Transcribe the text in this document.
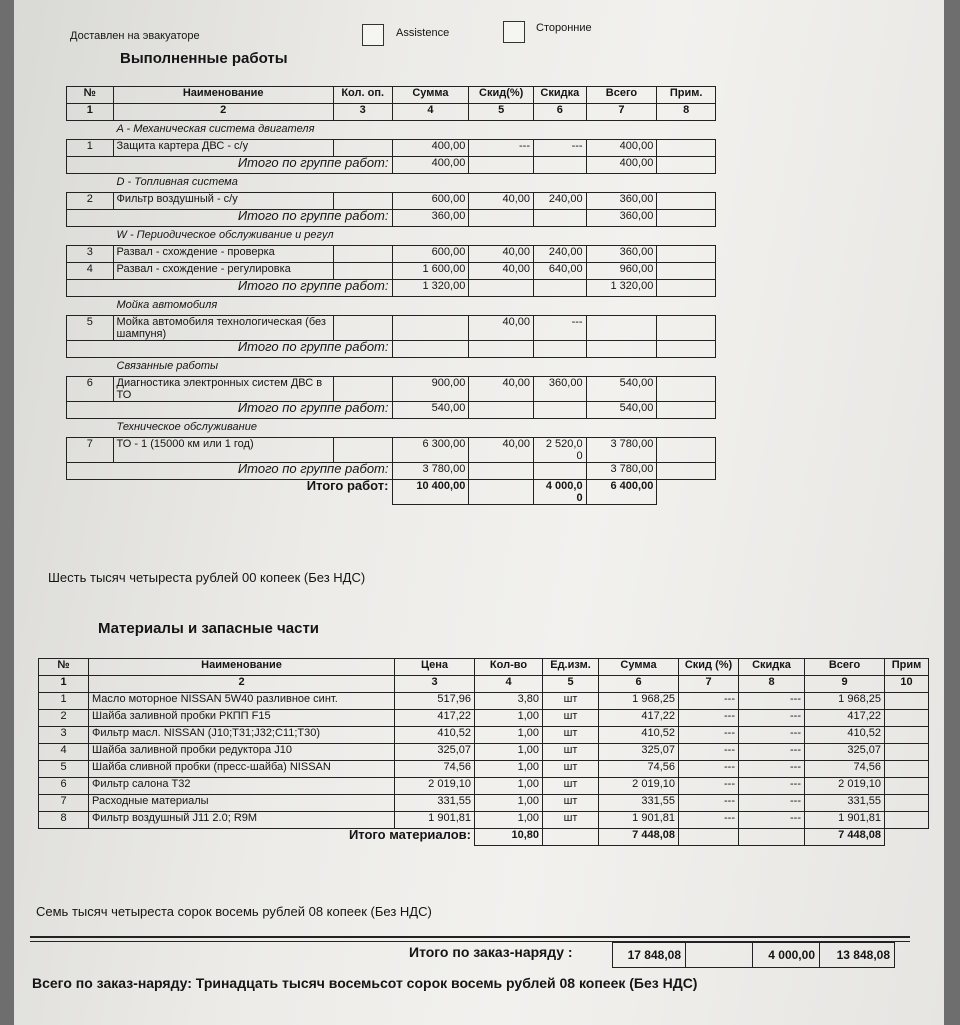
Доставлен на эвакуаторе	Assistence	Сторонние
Выполненные работы
№	Наименование	Кол. оп.	Сумма	Скид(%)	Скидка	Всего	Прим.
1	2	3	4	5	6	7	8
A - Механическая система двигателя							
1	Защита картера ДВС - с/у		400,00	---	---	400,00	
Итого по группе работ:			400,00			400,00	
D - Топливная система							
2	Фильтр воздушный - с/у		600,00	40,00	240,00	360,00	
Итого по группе работ:			360,00			360,00	
W - Периодическое обслуживание и регул							
3	Развал - схождение - проверка		600,00	40,00	240,00	360,00	
4	Развал - схождение - регулировка		1 600,00	40,00	640,00	960,00	
Итого по группе работ:			1 320,00			1 320,00	
Мойка автомобиля							
5	Мойка автомобиля технологическая (без шампуня)			40,00	---		
Итого по группе работ:							
Связанные работы							
6	Диагностика электронных систем ДВС в ТО		900,00	40,00	360,00	540,00	
Итого по группе работ:			540,00			540,00	
Техническое обслуживание							
7	ТО - 1 (15000 км или 1 год)		6 300,00	40,00	2 520,0 0	3 780,00	
Итого по группе работ:			3 780,00			3 780,00	
Итого работ:			10 400,00		4 000,0 0	6 400,00	
Шесть тысяч четыреста рублей 00 копеек (Без НДС)
Материалы и запасные части
№	Наименование	Цена	Кол-во	Ед.изм.	Сумма	Скид (%)	Скидка	Всего	Прим
1	2	3	4	5	6	7	8	9	10
1	Масло моторное NISSAN 5W40 разливное синт.	517,96	3,80	шт	1 968,25	---	---	1 968,25	
2	Шайба заливной пробки РКПП F15	417,22	1,00	шт	417,22	---	---	417,22	
3	Фильтр масл. NISSAN (J10;T31;J32;C11;T30)	410,52	1,00	шт	410,52	---	---	410,52	
4	Шайба заливной пробки редуктора J10	325,07	1,00	шт	325,07	---	---	325,07	
5	Шайба сливной пробки (пресс-шайба) NISSAN	74,56	1,00	шт	74,56	---	---	74,56	
6	Фильтр салона T32	2 019,10	1,00	шт	2 019,10	---	---	2 019,10	
7	Расходные материалы	331,55	1,00	шт	331,55	---	---	331,55	
8	Фильтр воздушный J11 2.0; R9M	1 901,81	1,00	шт	1 901,81	---	---	1 901,81	
Итого материалов:			10,80		7 448,08			7 448,08	
Семь тысяч четыреста сорок восемь рублей 08 копеек (Без НДС)
Итого по заказ-наряду :	17 848,08		4 000,00	13 848,08
Всего по заказ-наряду: Тринадцать тысяч восемьсот сорок восемь рублей 08 копеек (Без НДС)
